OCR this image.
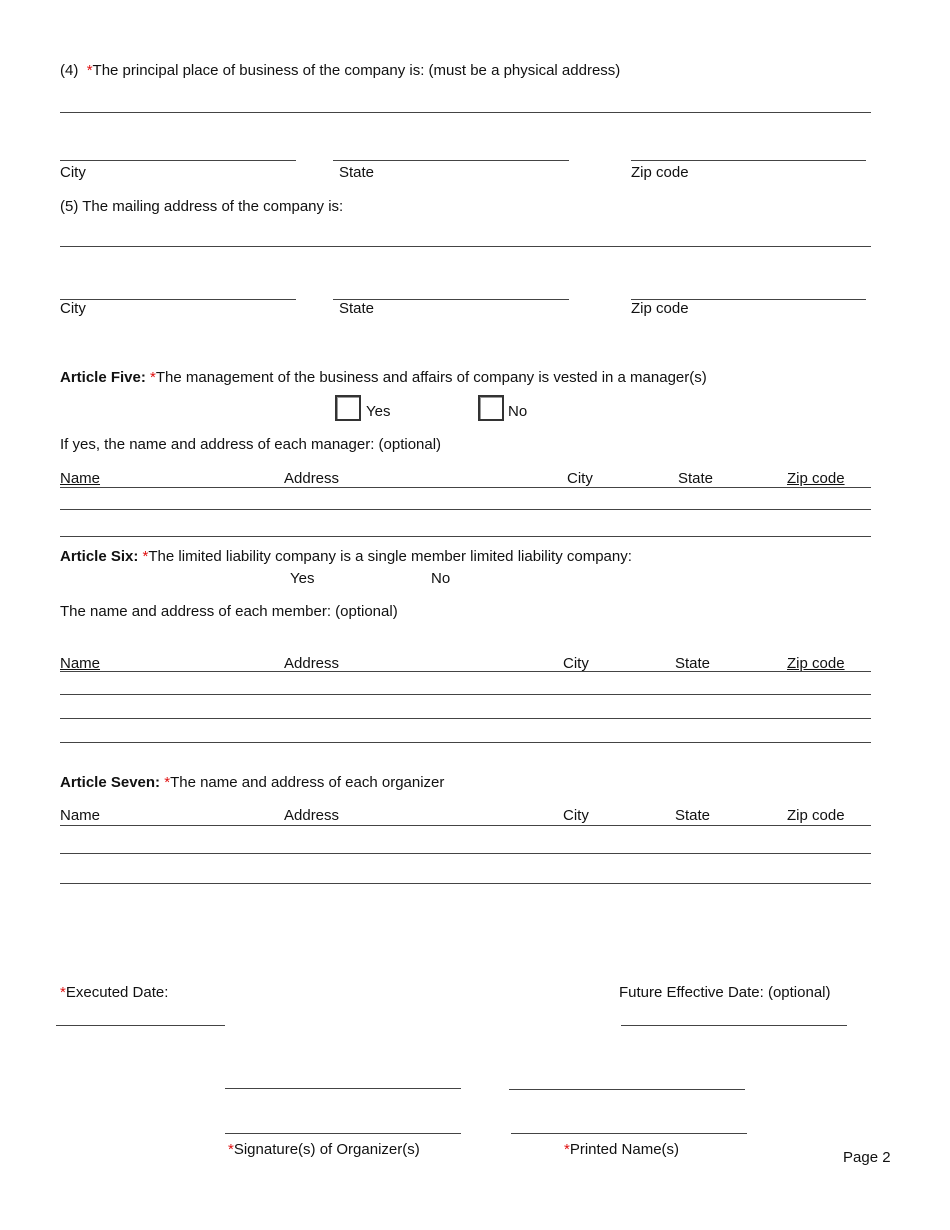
(4) *The principal place of business of the company is: (must be a physical address)
City	State	Zip code
(5) The mailing address of the company is:
City	State	Zip code
Article Five: *The management of the business and affairs of company is vested in a manager(s)
Yes	No
If yes, the name and address of each manager: (optional)
Name	Address	City	State	Zip code
Article Six: *The limited liability company is a single member limited liability company:
Yes	No
The name and address of each member: (optional)
Name	Address	City	State	Zip code
Article Seven: *The name and address of each organizer
Name	Address	City	State	Zip code
*Executed Date:	Future Effective Date: (optional)
*Signature(s) of Organizer(s)	*Printed Name(s)	Page 2
